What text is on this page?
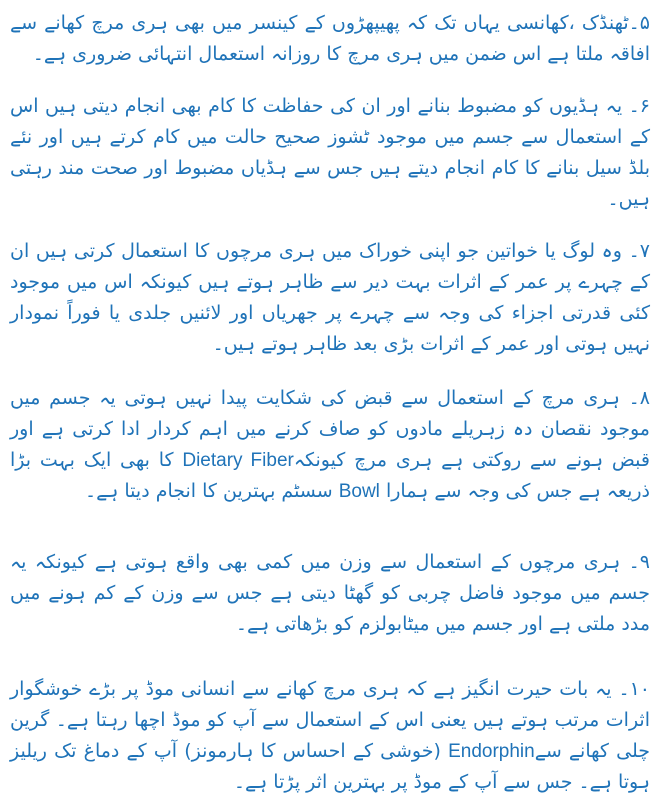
۵۔ٹھنڈک ،کھانسی یہاں تک کہ پھیپھڑوں کے کینسر میں بھی ہری مرچ کھانے سے افاقہ ملتا ہے اس ضمن میں ہری مرچ کا روزانہ استعمال انتہائی ضروری ہے۔

۶۔ یہ ہڈیوں کو مضبوط بنانے اور ان کی حفاظت کا کام بھی انجام دیتی ہیں اس کے استعمال سے جسم میں موجود ٹشوز صحیح حالت میں کام کرتے ہیں اور نئے بلڈ سیل بنانے کا کام انجام دیتے ہیں جس سے ہڈیاں مضبوط اور صحت مند رہتی ہیں۔

۷۔ وہ لوگ یا خواتین جو اپنی خوراک میں ہری مرچوں کا استعمال کرتی ہیں ان کے چہرے پر عمر کے اثرات بہت دیر سے ظاہر ہوتے ہیں کیونکہ اس میں موجود کئی قدرتی اجزاء کی وجہ سے چہرے پر جھریاں اور لائنیں جلدی یا فوراً نمودار نہیں ہوتی اور عمر کے اثرات بڑی بعد ظاہر ہوتے ہیں۔

۸۔ ہری مرچ کے استعمال سے قبض کی شکایت پیدا نہیں ہوتی یہ جسم میں موجود نقصان دہ زہریلے مادوں کو صاف کرنے میں اہم کردار ادا کرتی ہے اور قبض ہونے سے روکتی ہے ہری مرچ کیونکہDietary Fiber کا بھی ایک بہت بڑا ذریعہ ہے جس کی وجہ سے ہمارا Bowl سسٹم بہترین کا انجام دیتا ہے۔

۹۔ ہری مرچوں کے استعمال سے وزن میں کمی بھی واقع ہوتی ہے کیونکہ یہ جسم میں موجود فاضل چربی کو گھٹا دیتی ہے جس سے وزن کے کم ہونے میں مدد ملتی ہے اور جسم میں میٹابولزم کو بڑھاتی ہے۔

۱۰۔ یہ بات حیرت انگیز ہے کہ ہری مرچ کھانے سے انسانی موڈ پر بڑے خوشگوار اثرات مرتب ہوتے ہیں یعنی اس کے استعمال سے آپ کو موڈ اچھا رہتا ہے۔ گرین چلی کھانے سےEndorphin (خوشی کے احساس کا ہارمونز) آپ کے دماغ تک ریلیز ہوتا ہے۔ جس سے آپ کے موڈ پر بہترین اثر پڑتا ہے۔
